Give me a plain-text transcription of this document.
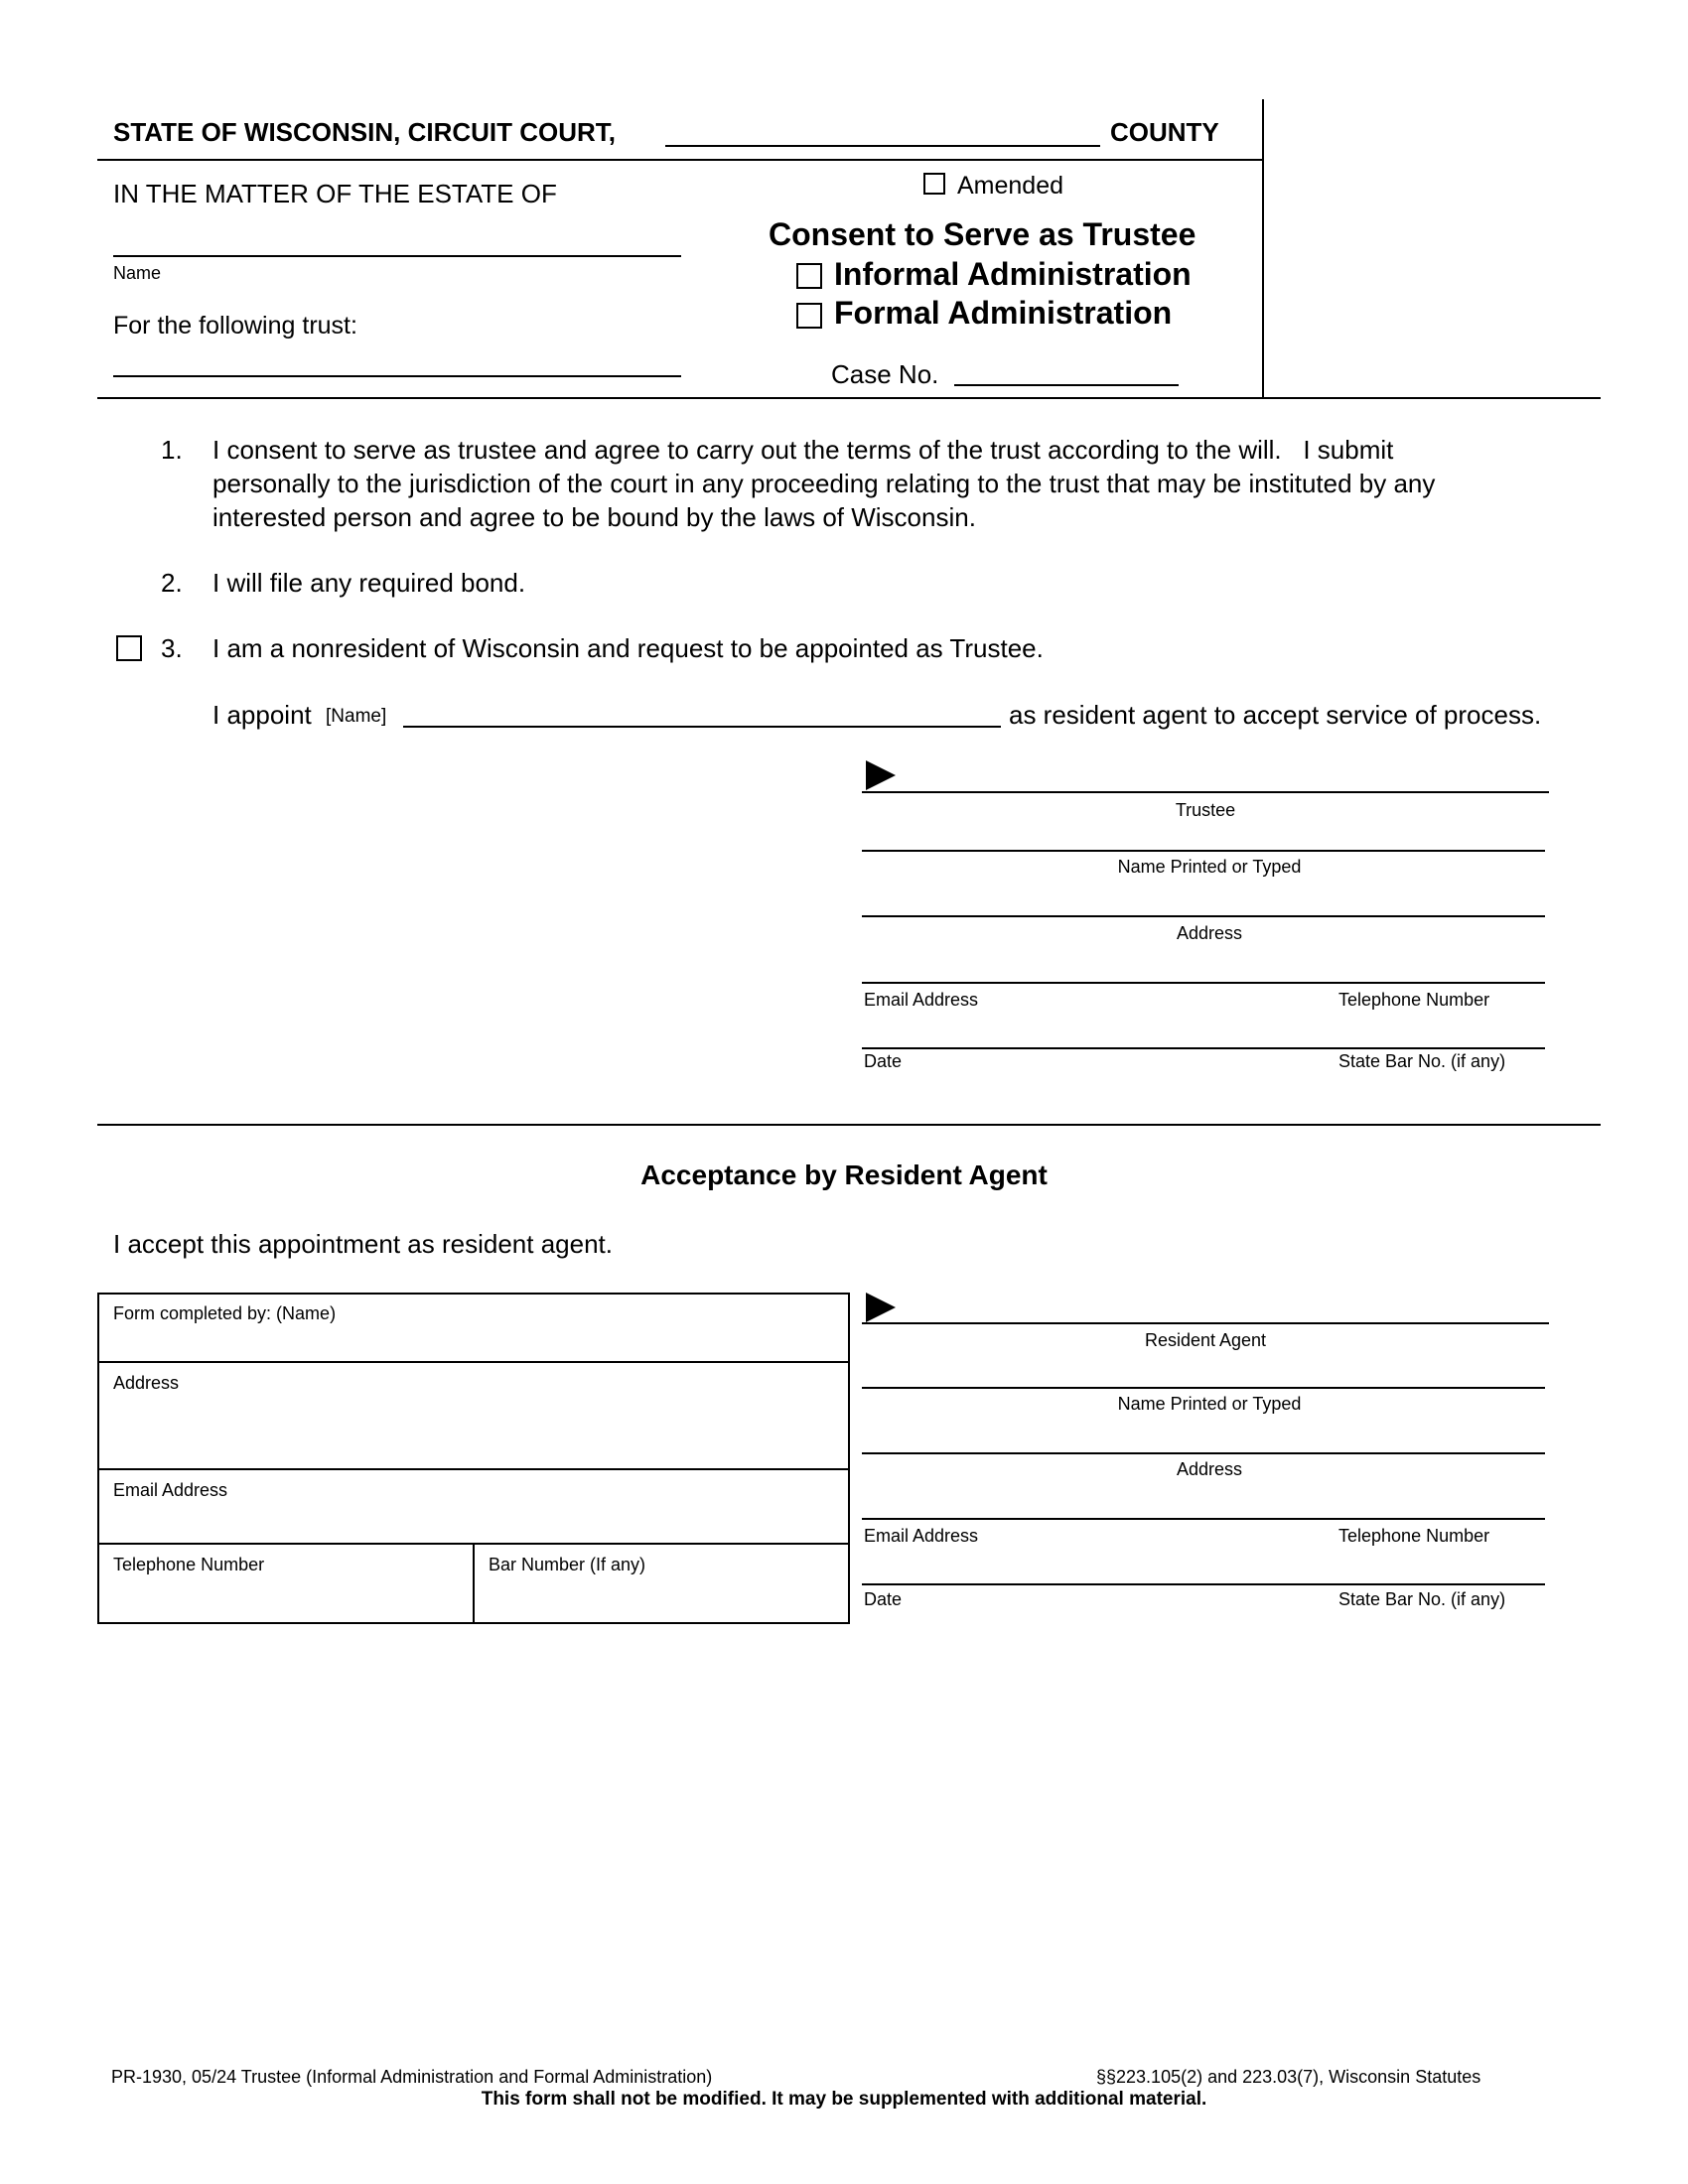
STATE OF WISCONSIN, CIRCUIT COURT,	COUNTY
IN THE MATTER OF THE ESTATE OF
Name
For the following trust:
Amended
Consent to Serve as Trustee
Informal Administration
Formal Administration
Case No.
1. I consent to serve as trustee and agree to carry out the terms of the trust according to the will.   I submit
personally to the jurisdiction of the court in any proceeding relating to the trust that may be instituted by any
interested person and agree to be bound by the laws of Wisconsin.
2. I will file any required bond.
3. I am a nonresident of Wisconsin and request to be appointed as Trustee.
I appoint [Name]	as resident agent to accept service of process.
Trustee
Name Printed or Typed
Address
Email Address	Telephone Number
Date	State Bar No. (if any)
Acceptance by Resident Agent
I accept this appointment as resident agent.
Form completed by: (Name)
Address
Email Address
Telephone Number	Bar Number (If any)
Resident Agent
Name Printed or Typed
Address
Email Address	Telephone Number
Date	State Bar No. (if any)
PR-1930, 05/24 Trustee (Informal Administration and Formal Administration)	§§223.105(2) and 223.03(7), Wisconsin Statutes
This form shall not be modified. It may be supplemented with additional material.
